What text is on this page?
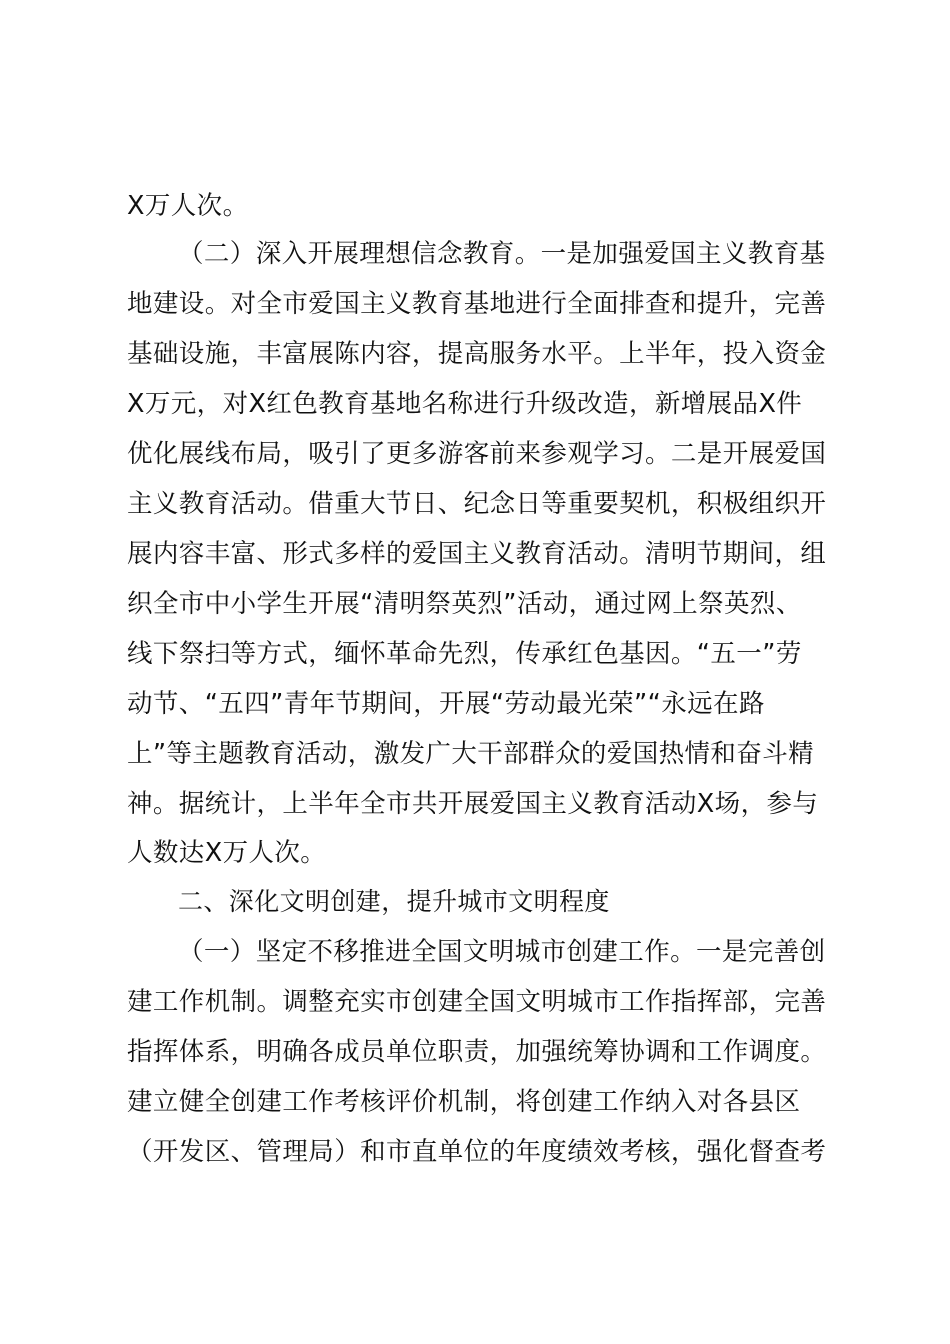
X万人次。
（二）深入开展理想信念教育。一是加强爱国主义教育基
地建设。对全市爱国主义教育基地进行全面排查和提升，完善
基础设施，丰富展陈内容，提高服务水平。上半年，投入资金
X万元，对X红色教育基地名称进行升级改造，新增展品X件
优化展线布局，吸引了更多游客前来参观学习。二是开展爱国
主义教育活动。借重大节日、纪念日等重要契机，积极组织开
展内容丰富、形式多样的爱国主义教育活动。清明节期间，组
织全市中小学生开展“清明祭英烈”活动，通过网上祭英烈、
线下祭扫等方式，缅怀革命先烈，传承红色基因。“五一”劳
动节、“五四”青年节期间，开展“劳动最光荣”“永远在路
上”等主题教育活动，激发广大干部群众的爱国热情和奋斗精
神。据统计，上半年全市共开展爱国主义教育活动X场，参与
人数达X万人次。
二、深化文明创建，提升城市文明程度
（一）坚定不移推进全国文明城市创建工作。一是完善创
建工作机制。调整充实市创建全国文明城市工作指挥部，完善
指挥体系，明确各成员单位职责，加强统筹协调和工作调度。
建立健全创建工作考核评价机制，将创建工作纳入对各县区
（开发区、管理局）和市直单位的年度绩效考核，强化督查考
